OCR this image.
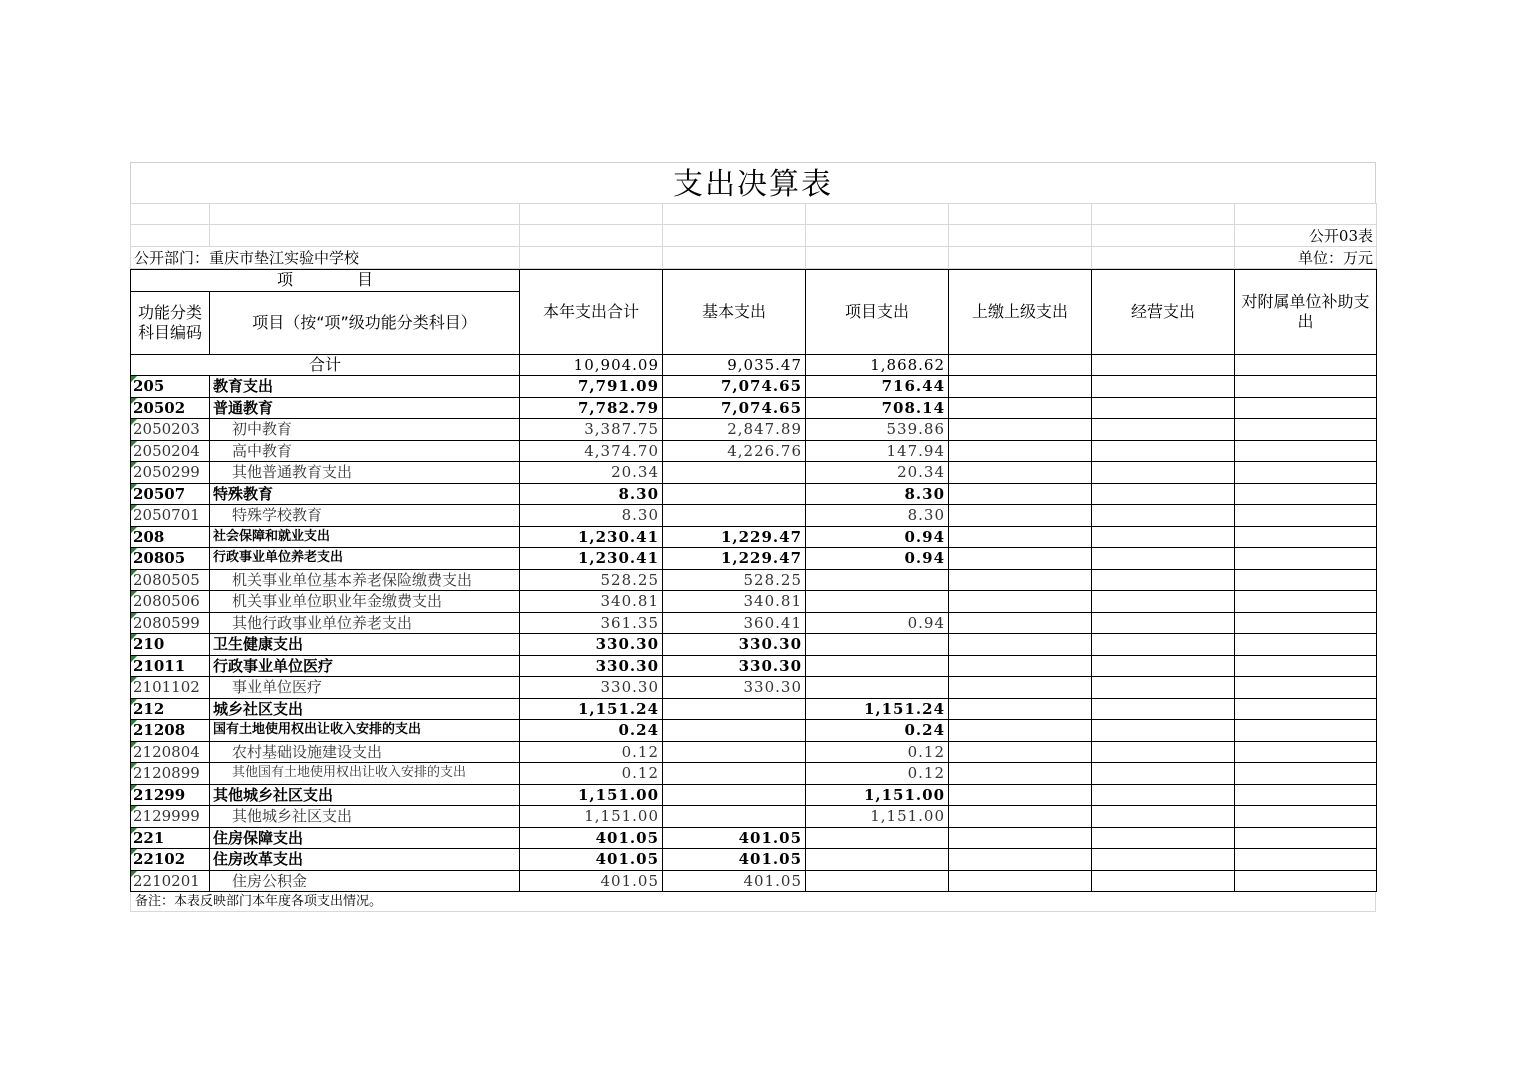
支出决算表

							公开03表
公开部门：重庆市垫江实验中学校							单位：万元
项　　　　目		本年支出合计	基本支出	项目支出	上缴上级支出	经营支出	对附属单位补助支出
功能分类科目编码	项目（按“项”级功能分类科目）						
合计		10,904.09	9,035.47	1,868.62			
205	教育支出	7,791.09	7,074.65	716.44			
20502	普通教育	7,782.79	7,074.65	708.14			
2050203	初中教育	3,387.75	2,847.89	539.86			
2050204	高中教育	4,374.70	4,226.76	147.94			
2050299	其他普通教育支出	20.34		20.34			
20507	特殊教育	8.30		8.30			
2050701	特殊学校教育	8.30		8.30			
208	社会保障和就业支出	1,230.41	1,229.47	0.94			
20805	行政事业单位养老支出	1,230.41	1,229.47	0.94			
2080505	机关事业单位基本养老保险缴费支出	528.25	528.25				
2080506	机关事业单位职业年金缴费支出	340.81	340.81				
2080599	其他行政事业单位养老支出	361.35	360.41	0.94			
210	卫生健康支出	330.30	330.30				
21011	行政事业单位医疗	330.30	330.30				
2101102	事业单位医疗	330.30	330.30				
212	城乡社区支出	1,151.24		1,151.24			
21208	国有土地使用权出让收入安排的支出	0.24		0.24			
2120804	农村基础设施建设支出	0.12		0.12			
2120899	其他国有土地使用权出让收入安排的支出	0.12		0.12			
21299	其他城乡社区支出	1,151.00		1,151.00			
2129999	其他城乡社区支出	1,151.00		1,151.00			
221	住房保障支出	401.05	401.05				
22102	住房改革支出	401.05	401.05				
2210201	住房公积金	401.05	401.05				
备注：本表反映部门本年度各项支出情况。
